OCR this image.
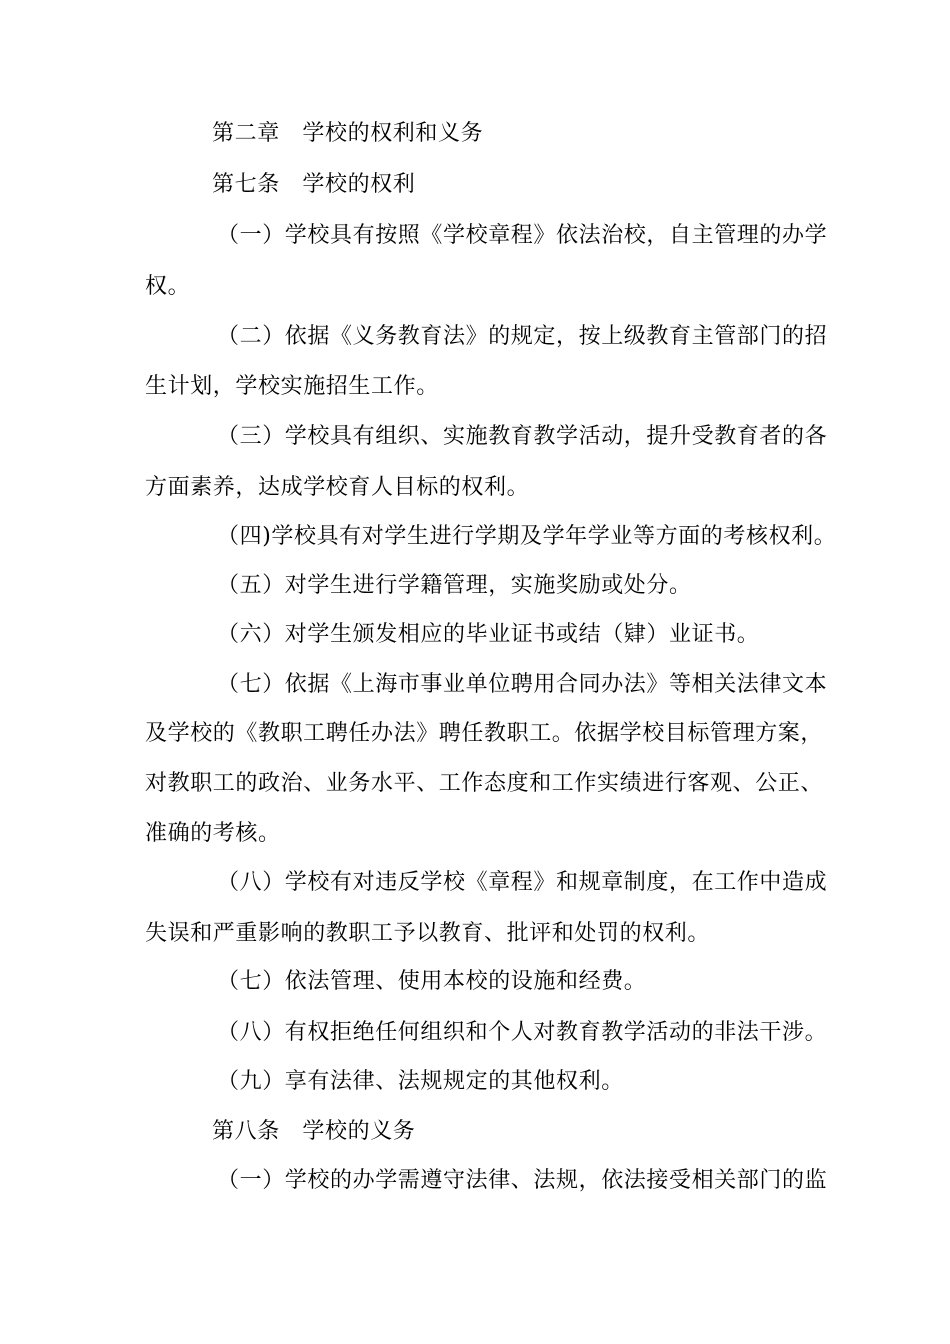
第二章　学校的权利和义务
第七条　学校的权利
（一）学校具有按照《学校章程》依法治校，自主管理的办学
权。
（二）依据《义务教育法》的规定，按上级教育主管部门的招
生计划，学校实施招生工作。
（三）学校具有组织、实施教育教学活动，提升受教育者的各
方面素养，达成学校育人目标的权利。
（四)学校具有对学生进行学期及学年学业等方面的考核权利。
（五）对学生进行学籍管理，实施奖励或处分。
（六）对学生颁发相应的毕业证书或结（肄）业证书。
（七）依据《上海市事业单位聘用合同办法》等相关法律文本
及学校的《教职工聘任办法》聘任教职工。依据学校目标管理方案，
对教职工的政治、业务水平、工作态度和工作实绩进行客观、公正、
准确的考核。
（八）学校有对违反学校《章程》和规章制度，在工作中造成
失误和严重影响的教职工予以教育、批评和处罚的权利。
（七）依法管理、使用本校的设施和经费。
（八）有权拒绝任何组织和个人对教育教学活动的非法干涉。
（九）享有法律、法规规定的其他权利。
第八条　学校的义务
（一）学校的办学需遵守法律、法规，依法接受相关部门的监
